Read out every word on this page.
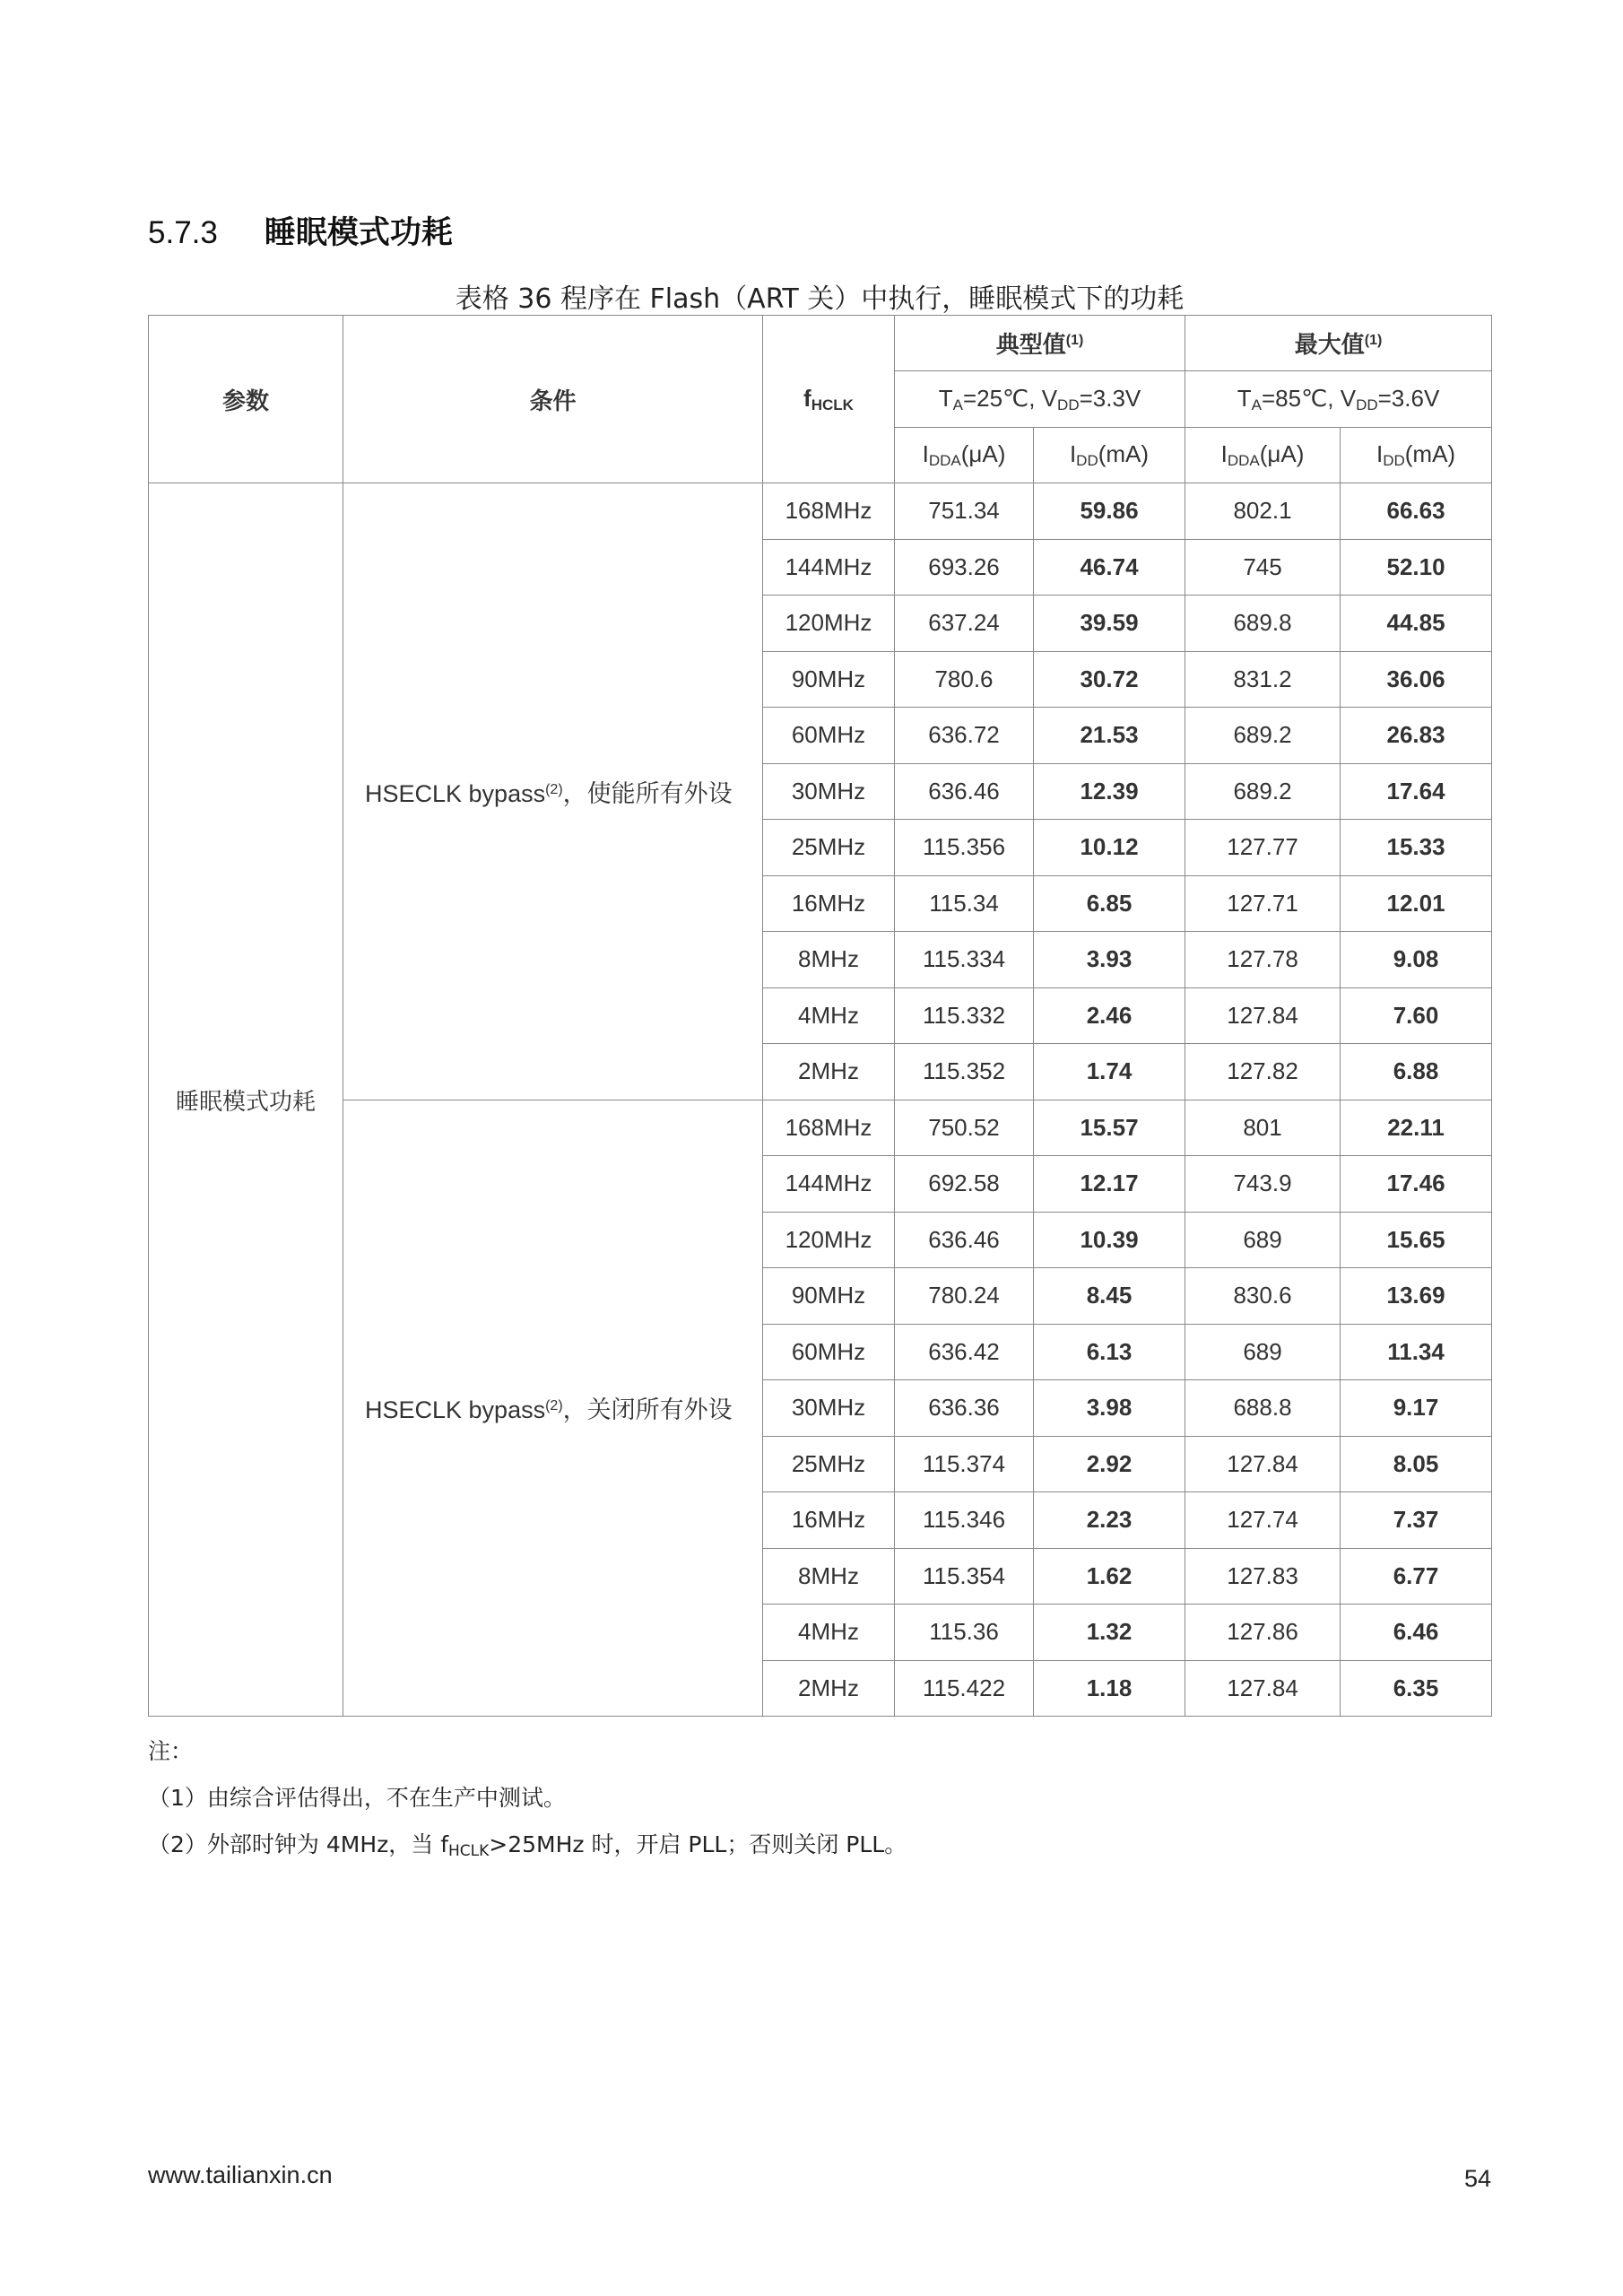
5.7.3 睡眠模式功耗
表格 36 程序在 Flash（ART 关）中执行，睡眠模式下的功耗
参数	条件	$f_{HCLK}$	典型值$^{(1)}$		最大值$^{(1)}$
			$T_A=25℃$, $V_{DD}=3.3V$		$T_A=85℃$, $V_{DD}=3.6V$	
			$I_{DDA}(\mu A)$	$I_{DD}(mA)$	$I_{DDA}(\mu A)$	$I_{DD}(mA)$
睡眠模式功耗	HSECLK bypass$^{(2)}$，使能所有外设	168MHz	751.34	59.86	802.1	66.63
		144MHz	693.26	46.74	745	52.10
		120MHz	637.24	39.59	689.8	44.85
		90MHz	780.6	30.72	831.2	36.06
		60MHz	636.72	21.53	689.2	26.83
		30MHz	636.46	12.39	689.2	17.64
		25MHz	115.356	10.12	127.77	15.33
		16MHz	115.34	6.85	127.71	12.01
		8MHz	115.334	3.93	127.78	9.08
		4MHz	115.332	2.46	127.84	7.60
		2MHz	115.352	1.74	127.82	6.88
	HSECLK bypass$^{(2)}$，关闭所有外设	168MHz	750.52	15.57	801	22.11
		144MHz	692.58	12.17	743.9	17.46
		120MHz	636.46	10.39	689	15.65
		90MHz	780.24	8.45	830.6	13.69
		60MHz	636.42	6.13	689	11.34
		30MHz	636.36	3.98	688.8	9.17
		25MHz	115.374	2.92	127.84	8.05
		16MHz	115.346	2.23	127.74	7.37
		8MHz	115.354	1.62	127.83	6.77
		4MHz	115.36	1.32	127.86	6.46
		2MHz	115.422	1.18	127.84	6.35
注：
（1）由综合评估得出，不在生产中测试。
（2）外部时钟为 4MHz，当 $f_{HCLK}>25MHz$ 时，开启 PLL；否则关闭 PLL。
www.tailianxin.cn	54
